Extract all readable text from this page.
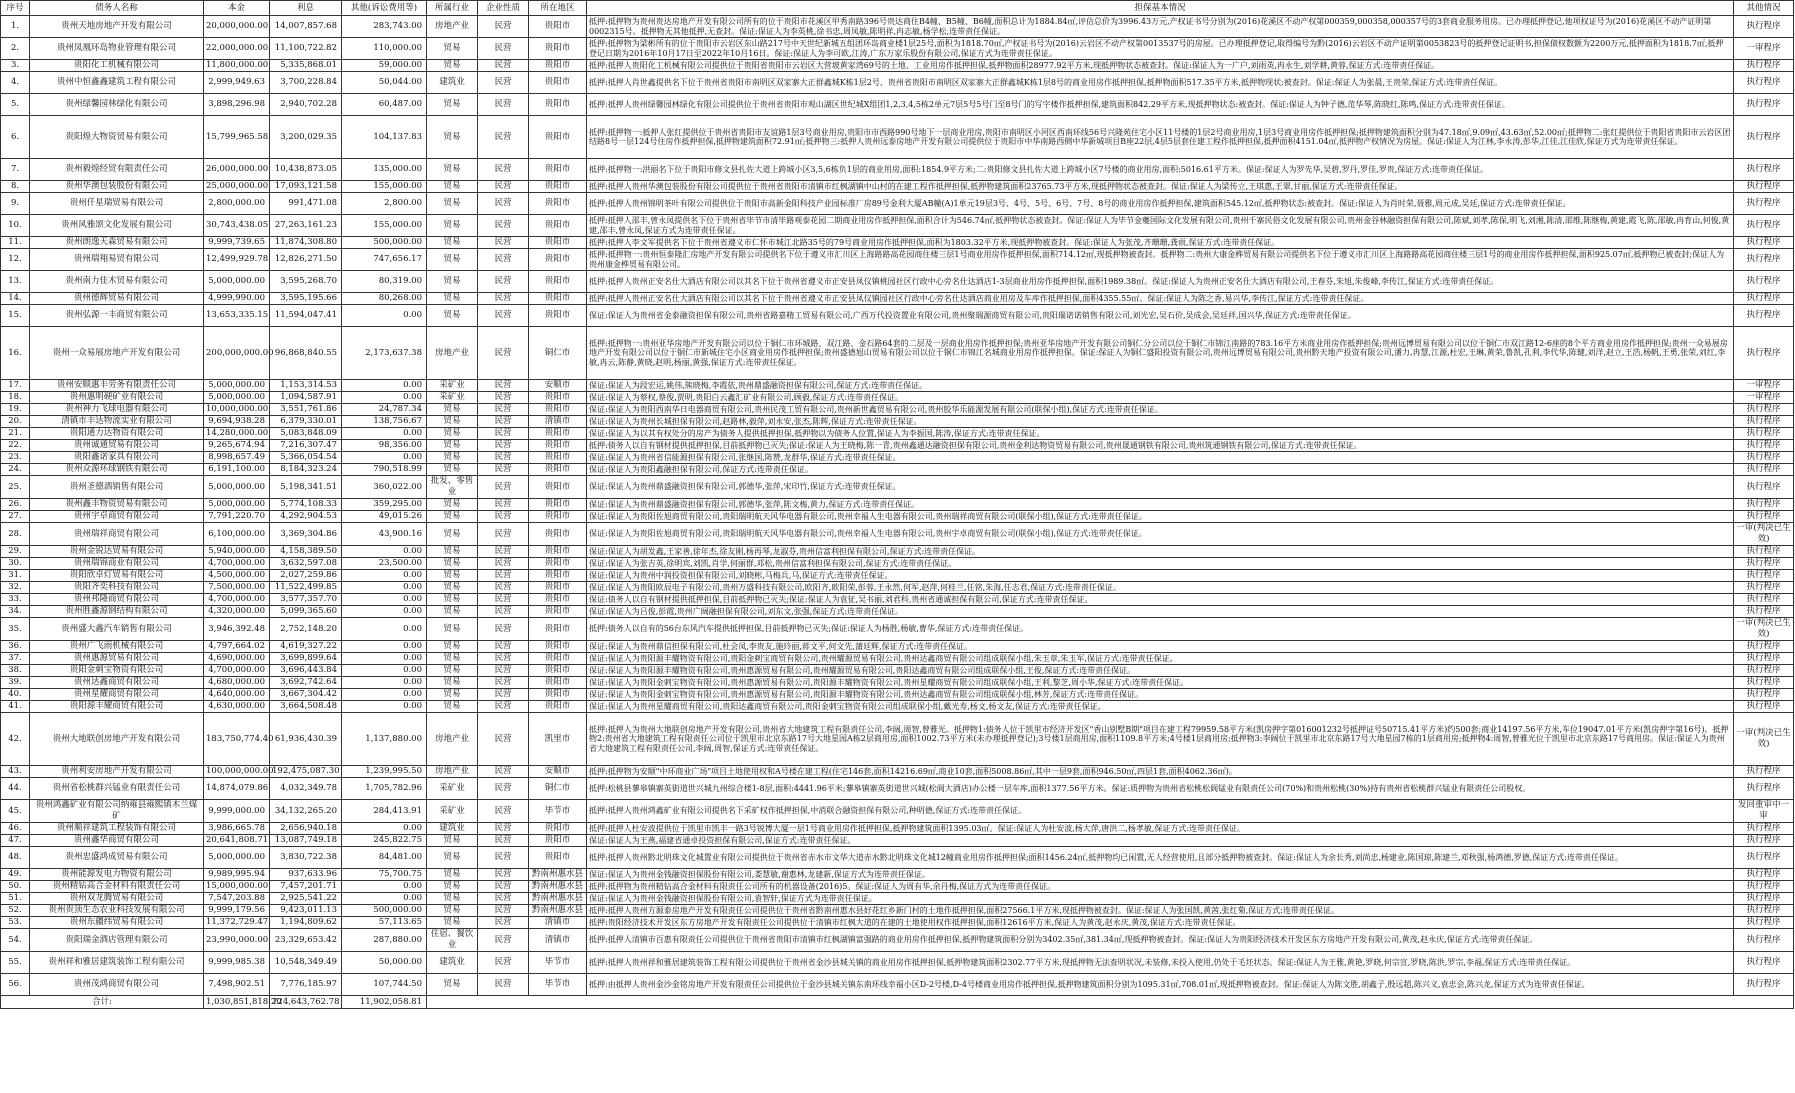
序号	债务人名称	本金	利息	其他(诉讼费用等)	所属行业	企业性质	所在地区	担保基本情况	其他情况
1.	贵州天地房地产开发有限公司	20,000,000.00	14,007,857.68	283,743.00	房地产业	民营	贵阳市	抵押:抵押物为贵州贵达房地产开发有限公司所有的位于贵阳市花溪区甲秀南路396号贵达商住B4幢、B5幢、B6幢,面积总计为1884.84㎡,评估总价为3996.43万元,产权证书号分别为(2016)花溪区不动产权第000359,000358,000357号的3套商业服务用房。已办理抵押登记,他项权证号为(2016)花溪区不动产证明第0002315号。抵押物无其他抵押,无查封。保证:保证人为李英桃,徐书忠,周凤敏,陈明祥,冉志敏,杨学松,连带责任保证。	执行程序
2.	贵州凤凰环岛物业管理有限公司	22,000,000.00	11,100,722.82	110,000.00	贸易	民营	贵阳市	抵押:抵押物为梁彬所有的位于贵阳市云岩区东山路217号中天世纪新城五组团环岛商业楼1层25号,面积为1818.70㎡,产权证书号为(2016)云岩区不动产权第0013537号的房屋。已办理抵押登记,取得编号为黔(2016)云岩区不动产证明第0053823号的抵押登记证明书,担保债权数额为2200万元,抵押面积为1818.7㎡,抵押登记日期为2016年10月17日至2022年10月16日。保证:保证人为李可欧,江涛,广东万家乐股份有限公司,保证方式为连带责任保证。	一审程序
3.	贵阳化工机械有限公司	11,800,000.00	5,335,868.01	59,000.00	贸易	民营	贵阳市	抵押:抵押人贵阳化工机械有限公司提供位于贵阳省贵阳市云岩区大营坡黄家湾69号的土地、工业用房作抵押担保,抵押物面积28977.92平方米,现抵押物状态被查封。保证:保证人为一广户,刘雨英,冉永生,刘学耕,黄蓉,保证方式:连带责任保证。	执行程序
4.	贵州中恒鑫鑫建筑工程有限公司	2,999,949.63	3,700,228.84	50,044.00	建筑业	民营	贵阳市	抵押:抵押人肖世鑫提供名下位于贵州省贵阳市南明区双家寨大正群鑫城K栋1层2号、贵州省贵阳市南明区双家寨大正群鑫城K栋1层8号的商业用房作抵押担保,抵押物面积517.35平方米,抵押物现状:被查封。保证:保证人为张晨,王贵荣,保证方式:连带责任保证。	执行程序
5.	贵州绿馨园林绿化有限公司	3,898,296.98	2,940,702.28	60,487.00	贸易	民营	贵阳市	抵押:抵押人贵州绿馨园林绿化有限公司提供位于贵州省贵阳市观山湖区世纪城X组团1,2,3,4,5栋2单元7层5号5号门至8号门的写字楼作抵押担保,建筑面积842.29平方米,现抵押物状态:被查封。保证:保证人为钟子德,范华琴,陈晓红,陈鸣,保证方式:连带责任保证。	执行程序
6.	贵阳煌大物资贸易有限公司	15,799,965.58	3,200,029.35	104,137.83	贸易	民营	贵阳市	抵押:抵押物一:抵押人张红提供位于贵州省贵阳市友谊路1层3号商业用房,贵阳市市西路990号地下一层商业用房,贵阳市南明区小河区西南环线56号兴隆苑住宅小区11号楼的1层2号商业用房,1层3号商业用房作抵押担保;抵押物建筑面积分别为47.18㎡,9.09㎡,43.63㎡,52.00㎡;抵押物二:张红提供位于贵阳省贵阳市云岩区团结路8号一层124号住房作抵押担保,抵押物建筑面积72.91㎡;抵押物三:抵押人贵州远泰房地产开发有限公司提供位于贵阳市中华南路西侧中华新城项目B座22层,4层5层套住建工程作抵押担保,抵押面积4151.04㎡,抵押物产权情况为房屋。保证:保证人为江林,李永涛,彭华,江佳,江佳欣,保证方式为连带责任保证。	执行程序
7.	贵州毅煌经贸有限责任公司	26,000,000.00	10,438,873.05	135,000.00	贸易	民营	贵阳市	抵押:抵押物一:洪丽名下位于贵阳市修文县扎佐大道上跨城小区3,5,6栋负1层的商业用房,面积:1854.9平方米;二:贵阳修文县扎佐大道上跨城小区7号楼的商业用房,面积:5016.61平方米。保证:保证人为罗先华,吴碧,罗丹,罗佳,罗贵,保证方式:连带责任保证。	执行程序
8.	贵州华澳包装股份有限公司	25,000,000.00	17,093,121.58	155,000.00	贸易	民营	贵阳市	抵押:抵押人贵州华澳包装股份有限公司提供位于贵州省贵阳市清镇市红枫湖镇中山村的在建工程作抵押担保,抵押物建筑面积23765.73平方米,现抵押物状态被查封。保证:保证人为梁传立,王琪惠,王翠,甘丽,保证方式:连带责任保证。	执行程序
9.	贵州仟星瑞贸易有限公司	2,800,000.00	991,471.08	2,800.00	贸易	民营	贵阳市	抵押:抵押人贵州锦明茶叶有限公司提供位于贵阳市高新金阳科技产业园标准厂房89号金利大厦AB幢(A)1单元19层3号、4号、5号、6号、7号、8号的商业用房作抵押担保,建筑面积545.12㎡,抵押物状态:被查封。保证:保证人为肖时荣,聂雅,周元成,吴廷,保证方式:连带责任保证。	执行程序
10.	贵州风雅颂文化发展有限公司	30,743,438.05	27,263,161.23	155,000.00	贸易	民营	贵阳市	抵押:抵押人邵丰,曾永凤提供名下位于贵州省毕节市清毕路观泰花园二期商业用房作抵押担保,面积合计为546.74㎡,抵押物状态被查封。保证:保证人为毕节金夔国际文化发展有限公司,贵州千寨民俗文化发展有限公司,贵州金谷林融资担保有限公司,陈斌,刘孝,陈保,明飞,刘湘,陈清,邵维,陈继梅,黄建,霞飞,陈,邵敏,冉育山,何俊,黄建,邵丰,曾永凤,保证方式为连带责任保证。	执行程序
11.	贵州朗逸天森贸易有限公司	9,999,739.65	11,874,308.80	500,000.00	贸易	民营	贵阳市	抵押:抵押人李文军提供名下位于贵州省遵义市仁怀市城江北路35号的79号商业用房作抵押担保,面积为1803.32平方米,现抵押物被查封。保证:保证人为张茂,齐珊珊,龚雨,保证方式:连带责任保证。	执行程序
12.	贵州瑞翔易贸有限公司	12,499,929.78	12,826,271.50	747,656.17	贸易	民营	贵阳市	抵押:抵押物一:贵州恒泰隆汇房地产开发有限公司提供名下位于遵义市汇川区上海路路高花园商住楼三层1号商业用房作抵押担保,面积714.12㎡,现抵押物被查封。抵押物二:贵州大康金桦贸易有限公司提供名下位于遵义市汇川区上海路路高花园商住楼三层1号的商业用房作抵押担保,面积925.07㎡,抵押物已被查封;保证人为贵州康金桦贸易有限公司。	执行程序
13.	贵州南力佳木贸易有限公司	5,000,000.00	3,595,268.70	80,319.00	贸易	民营	贵阳市	抵押:抵押人贵州正安名仕大酒店有限公司以其名下位于贵州省遵义市正安县凤仪镇桃园社区行政中心旁名仕达酒店1-3层商业用房作抵押担保,面积1989.38㎡。保证:保证人为贵州正安名仕大酒店有限公司,王春芬,朱旭,朱俊峰,李传江,保证方式:连带责任保证。	执行程序
14.	贵州德辉贸易有限公司	4,999,990.00	3,595,195.66	80,268.00	贸易	民营	贵阳市	抵押:抵押人贵州正安名仕大酒店有限公司以其名下位于贵州省遵义市正安县凤仪镇园社区行政中心旁名仕达酒店商业用房及车库作抵押担保,面积4355.55㎡。保证:保证人为陈之香,易兴华,李传江,保证方式:连带责任保证。	执行程序
15.	贵州弘源一丰商贸有限公司	13,653,335.15	11,594,047.41	0.00	贸易	民营	贵阳市	保证:保证人为贵州省金泰融资担保有限公司,贵州省路嘉精工贸易有限公司,广西万代投资置业有限公司,贵州聚瑞源商贸有限公司,贵阳瑞诺诺销售有限公司,刘光宏,吴石价,吴成会,吴廷祥,国兴华,保证方式:连带责任保证。	执行程序
16.	贵州一众易展房地产开发有限公司	200,000,000.00	96,868,840.55	2,173,637.38	房地产业	民营	铜仁市	抵押:抵押物一:贵州亚华房地产开发有限公司以位于铜仁市环城路、双江路、金石路64套的二层及一层商业用房作抵押担保;贵州亚华房地产开发有限公司铜仁分公司以位于铜仁市锦江南路的783.16平方米商业用房作抵押担保;贵州远博贸易有限公司以位于铜仁市双江路12-6座的8个平方商业用房作抵押担保;贵州一众易展房地产开发有限公司以位于铜仁市新城住宅小区商业用房作抵押担保;贵州盛德旭山贸易有限公司以位于铜仁市锦江名城商业用房作抵押担保。保证:保证人为铜仁盛阳投资有限公司,贵州远博贸易有限公司,贵州黔天地产投资有限公司,潘力,冉慧,江源,杜宏,王琳,黄荣,鲁凯,孔利,李代华,陈健,刘洋,赵立,王浩,杨帆,王勇,张荣,刘红,李敏,冉云,陈静,黄晓,赵明,杨丽,黄强,保证方式:连带责任保证。	执行程序
17.	贵州安顺惠丰劳务有限责任公司	5,000,000.00	1,153,314.53	0.00	采矿业	民营	安顺市	保证:保证人为段宏运,姚伟,熊晓梅,李霞依,贵州鼎盛融资担保有限公司,保证方式:连带责任保证。	一审程序
18.	贵州惠明硬矿业有限公司	5,000,000.00	1,094,587.91	0.00	采矿业	民营	贵阳市	保证:保证人为蔡权,蔡俊,贾明,贵阳白云鑫汇矿业有限公司,顾毅,保证方式:连带责任保证。	一审程序
19.	贵州神力飞球电器有限公司	10,000,000.00	3,551,761.86	24,787.34	贸易	民营	贵阳市	保证:保证人为贵阳西南华日电器商贸有限公司,贵州民茂工贸有限公司,贵州新世鑫贸易有限公司,贵州胶华乐能源发展有限公司(联保小组),保证方式:连带责任保证。	执行程序
20.	清镇市丰达物流实业有限公司	9,694,938.28	6,379,330.01	138,756.67	贸易	民营	清镇市	保证:保证人为贵州长城担保有限公司,赵路林,毅萍,刘永安,张杰,陈辉,保证方式:连带责任保证。	执行程序
21.	贵阳通力达物资有限公司	14,280,000.00	5,083,848.09	0.00	贸易	民营	贵阳市	保证:保证人为以其有权处分的房产为债务人提供抵押担保,抵押物以为债务人位置,保证人为李振国,陈涛,保证方式:连带责任保证。	执行程序
22.	贵州诚通贸易有限公司	9,265,674.94	7,216,307.47	98,356.00	贸易	民营	贵阳市	抵押:债务人以自有钢材提供抵押担保,目前抵押物已灭失;保证:保证人为王晓梅,陈一青,贵州鑫通达融资担保有限公司,贵州金利达物资贸易有限公司,贵州晟通钢铁有限公司,贵州筑通钢铁有限公司,保证方式:连带责任保证。	执行程序
23.	贵阳鑫诺家具有限公司	8,998,657.49	5,366,054.54	0.00	贸易	民营	贵阳市	保证:保证人为贵州省信能源担保有限公司,张继国,陈赞,龙群华,保证方式:连带责任保证。	执行程序
24.	贵州众源环球钢铁有限公司	6,191,100.00	8,184,323.24	790,518.99	贸易	民营	贵阳市	保证:保证人为贵阳鑫融担保有限公司,保证方式:连带责任保证。	执行程序
25.	贵州圣德酒销售有限公司	5,000,000.00	5,198,341.51	360,022.00	批发、零售业	民营	贵阳市	保证:保证人为贵州鼎盛融资担保有限公司,郭德华,张萍,宋印竹,保证方式:连带责任保证。	执行程序
26.	贵州鑫丰物资贸易有限公司	5,000,000.00	5,774,108.33	359,295.00	贸易	民营	贵阳市	保证:保证人为贵州鼎盛融资担保有限公司,郭德华,张萍,陈文梅,黄力,保证方式:连带责任保证。	执行程序
27.	贵州宇卓商贸有限公司	7,791,220.70	4,292,904.53	49,015.26	贸易	民营	贵阳市	保证:保证人为贵阳佐旭商贸有限公司,贵阳瑞明航天风华电器有限公司,贵州幸福人生电器有限公司,贵州瑞祥商贸有限公司(联保小组),保证方式:连带责任保证。	执行程序
28.	贵州瑞祥商贸有限公司	6,100,000.00	3,369,304.86	43,900.16	贸易	民营	贵阳市	保证:保证人为贵阳佐旭商贸有限公司,贵阳瑞明航天风华电器有限公司,贵州幸福人生电器有限公司,贵州宇卓商贸有限公司(联保小组),保证方式:连带责任保证。	一审(判决已生效)
29.	贵州金锐达贸易有限公司	5,940,000.00	4,158,389.50	0.00	贸易	民营	贵阳市	保证:保证人为胡发鑫,王家善,徐年杰,徐友刚,杨再琴,龙淑芬,贵州信富利担保有限公司,保证方式:连带责任保证。	执行程序
30.	贵州瑞锦商业有限公司	4,700,000.00	3,632,597.08	23,500.00	贸易	民营	贵阳市	保证:保证人为张吉英,徐明宾,刘凯,肖学,何丽群,邓松,贵州信富利担保有限公司,保证方式:连带责任保证。	执行程序
31.	贵阳欣卓灯贸易有限公司	4,500,000.00	2,027,259.86	0.00	贸易	民营	贵阳市	保证:保证人为贵州中润投资担保有限公司,刘晓彬,马梅兵,马,保证方式:连带责任保证。	执行程序
32.	贵阳齐奕科技有限公司	7,500,000.00	11,522,499.85	0.00	贸易	民营	贵阳市	保证:保证人为贵阳欧辰电子有限公司,贵州万盛科技有限公司,欧阳齐,欧阳荣,彭蓉,王永然,何军,赵萍,何桂兰,任铭,朱海,任志君,保证方式:连带责任保证。	执行程序
33.	贵州邦隆商贸有限公司	4,700,000.00	3,577,357.70	0.00	贸易	民营	贵阳市	保证:债务人以自有钢材提供抵押担保,目前抵押物已灭失;保证:保证人为袁征,吴书丽,刘君科,贵州省通诚担保有限公司,保证方式:连带责任保证。	执行程序
34.	贵州胜鑫源钢结构有限公司	4,320,000.00	5,099,365.60	0.00	贸易	民营	贵阳市	保证:保证人为吕俊,彭霞,贵州广阔融担保有限公司,刘东文,张强,保证方式:连带责任保证。	执行程序
35.	贵州盛大鑫汽车销售有限公司	3,946,392.48	2,752,148.20	0.00	贸易	民营	贵阳市	抵押:债务人以自有的56台东风汽车提供抵押担保,目前抵押物已灭失;保证:保证人为杨胜,杨敏,曹华,保证方式:连带责任保证。	一审(判决已生效)
36.	贵州广飞雨机械有限公司	4,797,664.02	4,619,327.22	0.00	贸易	民营	贵阳市	保证:保证人为贵州鼎信担保有限公司,杜会凤,李贵友,施玲丽,蒋文平,何文先,蒲廷辉,保证方式:连带责任保证。	执行程序
37.	贵州惠源贸易有限公司	4,690,000.00	3,699,899.64	0.00	贸易	民营	贵阳市	保证:保证人为贵阳源丰耀物资有限公司,贵阳金刺宝商贸有限公司,贵州耀源贸易有限公司,贵州达鑫商贸有限公司组成联保小组,朱玉章,朱玉军,保证方式:连带责任保证。	执行程序
38.	贵阳金刺宝物资有限公司	4,700,000.00	3,696,443.84	0.00	贸易	民营	贵阳市	保证:保证人为贵阳源丰耀物资有限公司,贵州惠源贸易有限公司,贵州耀源贸易有限公司,贵阳达鑫商贸有限公司组成联保小组,王俊,保证方式:连带责任保证。	执行程序
39.	贵州达鑫商贸有限公司	4,680,000.00	3,692,742.64	0.00	贸易	民营	贵阳市	保证:保证人为贵阳金刺宝物资有限公司,贵州惠源贸易有限公司,贵阳源丰耀物资有限公司,贵州星耀商贸有限公司组成联保小组,王利,黎芝,周小华,保证方式:连带责任保证。	执行程序
40.	贵州星耀商贸有限公司	4,640,000.00	3,667,304.42	0.00	贸易	民营	贵阳市	保证:保证人为贵阳金刺宝物资有限公司,贵州惠源贸易有限公司,贵阳源丰耀物资有限公司,贵州达鑫商贸有限公司组成联保小组,林芳,保证方式:连带责任保证。	执行程序
41.	贵阳源丰耀商贸有限公司	4,630,000.00	3,664,508.48	0.00	贸易	民营	贵阳市	保证:保证人为贵州星耀商贸有限公司,贵阳达鑫商贸有限公司,贵阳金刺宝物资有限公司组成联保小组,戴光寿,杨文,杨文友,保证方式:连带责任保证。	执行程序
42.	贵州大地联创房地产开发有限公司	183,750,774.40	61,936,430.39	1,137,880.00	房地产业	民营	凯里市	抵押:抵押人为贵州大地联创房地产开发有限公司,贵州省大地建筑工程有限责任公司,李阔,周智,曾雅光。抵押物1:债务人位于凯里市经济开发区"香山别墅B期"项目在建工程79959.58平方米(凯房押字第016001232号抵押证号50715.41平方米)约500套;商业14197.56平方米,车位19047.01平方米(凯房押字第16号)。抵押物2:贵州省大地建筑工程有限责任公司位于凯里市北京东路17号大地星园A栋2层商用房,面积1002.73平方米(未办理抵押登记);3号楼1层商用房,面积1109.8平方米;4号楼1层商用房;抵押物3:李阔位于凯里市北京东路17号大地星园7栋的1层商用房;抵押物4:周智,曾雅光位于凯里市北京东路17号商用房。保证:保证人为贵州省大地建筑工程有限责任公司,李阔,周智,保证方式:连带责任保证。	一审(判决已生效)
43.	贵州利安房地产开发有限公司	100,000,000.00	192,475,087.30	1,239,995.50	房地产业	民营	安顺市	抵押:抵押物为安顺"中环商业广场"项目土地使用权和A号楼在建工程(住宅146套,面积14216.69㎡,商业10套,面积5008.86㎡,其中一层9套,面积946.50㎡,四层1套,面积4062.36㎡)。	执行程序
44.	贵州省松桃群兴锰业有限责任公司	14,874,079.86	4,032,349.78	1,705,782.96	采矿业	民营	铜仁市	抵押:松桃县蓼皋镇寨英街道世兴城九州综合楼1-8层,面积:4441.96平米;蓼皋镇寨英街道世兴城(松阆大酒店)办公楼一层车库,面积1377.56平方米。保证:质押物为贵州省松桃松阆锰业有限责任公司(70%)和贵州松桃(30%)持有贵州省松桃群兴锰业有限责任公司股权。	执行程序
45.	贵州鸿鑫矿业有限公司纳雍县雍熙镇木兰煤矿	9,999,000.00	34,132,265.20	284,413.91	采矿业	民营	毕节市	抵押:抵押人贵州鸿鑫矿业有限公司提供名下采矿权作抵押担保,中消联合融资担保有限公司,种明德,保证方式:连带责任保证。	发回重审中一审
46.	贵州顺祥建筑工程装饰有限公司	3,986,665.78	2,656,940.18	0.00	建筑业	民营	贵阳市	抵押:抵押人杜安波提供位于凯里市凯丰一路3号锐博大厦一层1号商业用房作抵押担保,抵押物建筑面积1395.03㎡。保证:保证人为杜安波,杨大萍,唐洪二,杨孝敏,保证方式:连带责任保证。	执行程序
47.	贵州鑫华商贸有限公司	20,641,808.71	13,087,749.18	245,822.75	贸易	民营	贵阳市	保证:保证人为王燕,福建省通卓投资担保有限公司,保证方式:连带责任保证。	执行程序
48.	贵州忠盛鸿成贸易有限公司	5,000,000.00	3,830,722.38	84,481.00	贸易	民营	贵阳市	抵押:抵押人贵州黔北明珠文化城置业有限公司提供位于贵州省赤水市文华大道赤水黔北明珠文化城12幢商业用房作抵押担保;面积1456.24㎡,抵押物均已闲置,无人经营使用,且部分抵押物被查封。保证:保证人为余长秀,刘尚忠,杨建业,陈国琼,陈建兰,邓秋强,杨鸿德,罗德,保证方式:连带责任保证。	执行程序
49.	贵州能源发电力物资有限公司	9,989,995.94	937,633.96	75,700.75	贸易	民营	黔南州惠水县	保证:保证人为贵州金钱融资担保股份有限公司,娄慧敏,谢惠林,龙建新,保证方式为连带责任保证。	执行程序
50.	贵州精钻高合金材料有限责任公司	15,000,000.00	7,457,201.71	0.00	贸易	民营	黔南州惠水县	抵押:抵押物为贵州精钻高合金材料有限责任公司所有的机器设备(2016)5。保证:保证人为周有华,余丹梅,保证方式为连带责任保证。	执行程序
51.	贵州双龙腾贸易有限公司	7,547,203.88	2,925,541.22	0.00	贸易	民营	黔南州惠水县	保证:保证人为贵州金钱融资担保股份有限公司,袁智轩,保证方式为连带责任保证。	执行程序
52.	贵州贵顶生态农业科技发展有限公司	9,999,179.56	9,423,011.13	500,000.00	贸易	民营	黔南州惠水县	抵押:抵押人贵州方源泰房地产开发有限责任公司提供位于贵州省黔南州惠水县好花红乡新门村的土地作抵押担保,面积27566.1平方米,现抵押物被查封。保证:保证人为张国凯,黄茜,张红菊,保证方式:连带责任保证。	执行程序
53.	贵州东疆纬贸易有限公司	11,372,729.47	1,194,809.62	57,113.65	贸易	民营	清镇市	抵押:贵阳经济技术开发区东方房地产开发有限责任公司提供位于清镇市红枫大道的在建的土地使用权作抵押担保,面积12616平方米,保证人为黄茂,赵永庆,黄茂,保证方式:连带责任保证。	执行程序
54.	贵阳瑞金酒店管理有限公司	23,990,000.00	23,329,653.42	287,880.00	住宿、餐饮业	民营	清镇市	抵押:抵押人清镇市百惠有限责任公司提供位于贵州省贵阳市清镇市红枫湖镇富强路的商业用房作抵押担保,抵押物建筑面积分别为3402.35㎡,381.34㎡,现抵押物被查封。保证:保证人为贵阳经济技术开发区东方房地产开发有限公司,黄茂,赵永庆,保证方式:连带责任保证。	执行程序
55.	贵州祥和雅居建筑装饰工程有限公司	9,999,985.38	10,548,349.49	50,000.00	建筑业	民营	毕节市	抵押:抵押人贵州祥和雅居建筑装饰工程有限公司提供位于贵州省金沙县城关镇的商业用房作抵押担保,抵押物建筑面积2302.77平方米,现抵押物无法查明状况,未装修,未投入使用,仍处于毛坯状态。保证:保证人为王雅,黄艳,罗晓,何宗宣,罗晓,陈洪,罗宗,李福,保证方式:连带责任保证。	执行程序
56.	贵州茂鸿商贸有限公司	7,498,902.51	7,776,185.97	107,744.50	贸易	民营	毕节市	抵押:由抵押人贵州金沙金铭房地产开发有限责任公司提供位于金沙县城关镇东南环线幸福小区D-2号楼,D-4号楼商业用房作抵押担保,抵押物建筑面积分别为1095.31㎡,708.01㎡,现抵押物被查封。保证:保证人为陈文胜,胡鑫子,殷远超,陈兴义,袁忠会,陈兴龙,保证方式为连带责任保证。	执行程序
合计:		1,030,851,818.20	724,643,762.78	11,902,058.81					
